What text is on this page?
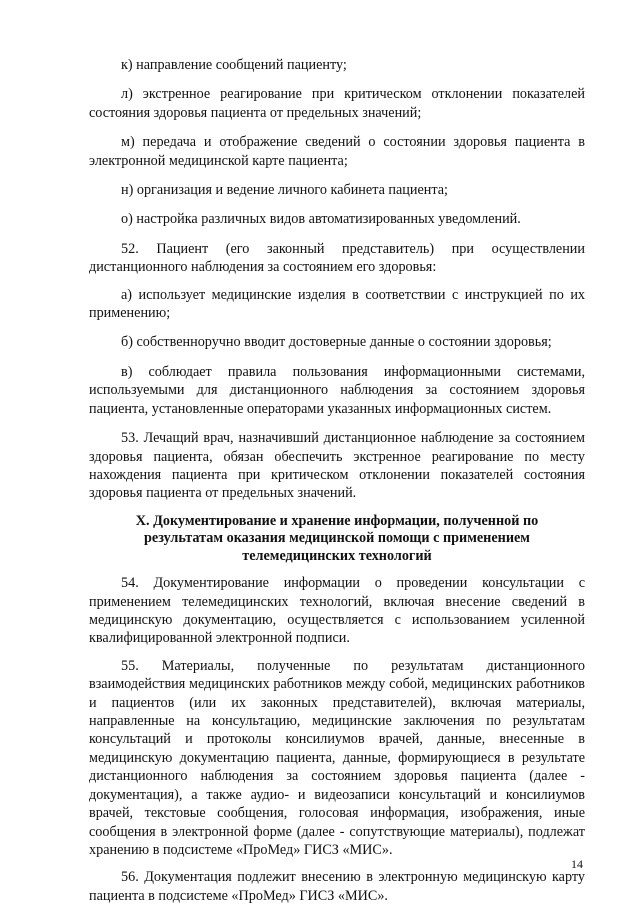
к) направление сообщений пациенту;

л) экстренное реагирование при критическом отклонении показателей состояния здоровья пациента от предельных значений;

м) передача и отображение сведений о состоянии здоровья пациента в электронной медицинской карте пациента;

н) организация и ведение личного кабинета пациента;

о) настройка различных видов автоматизированных уведомлений.

52. Пациент (его законный представитель) при осуществлении дистанционного наблюдения за состоянием его здоровья:

а) использует медицинские изделия в соответствии с инструкцией по их применению;

б) собственноручно вводит достоверные данные о состоянии здоровья;

в) соблюдает правила пользования информационными системами, используемыми для дистанционного наблюдения за состоянием здоровья пациента, установленные операторами указанных информационных систем.

53. Лечащий врач, назначивший дистанционное наблюдение за состоянием здоровья пациента, обязан обеспечить экстренное реагирование по месту нахождения пациента при критическом отклонении показателей состояния здоровья пациента от предельных значений.

X. Документирование и хранение информации, полученной по
результатам оказания медицинской помощи с применением
телемедицинских технологий

54. Документирование информации о проведении консультации с применением телемедицинских технологий, включая внесение сведений в медицинскую документацию, осуществляется с использованием усиленной квалифицированной электронной подписи.

55. Материалы, полученные по результатам дистанционного взаимодействия медицинских работников между собой, медицинских работников и пациентов (или их законных представителей), включая материалы, направленные на консультацию, медицинские заключения по результатам консультаций и протоколы консилиумов врачей, данные, внесенные в медицинскую документацию пациента, данные, формирующиеся в результате дистанционного наблюдения за состоянием здоровья пациента (далее - документация), а также аудио- и видеозаписи консультаций и консилиумов врачей, текстовые сообщения, голосовая информация, изображения, иные сообщения в электронной форме (далее - сопутствующие материалы), подлежат хранению в подсистеме «ПроМед» ГИСЗ «МИС».

56. Документация подлежит внесению в электронную медицинскую карту пациента в подсистеме «ПроМед» ГИСЗ «МИС».

14
